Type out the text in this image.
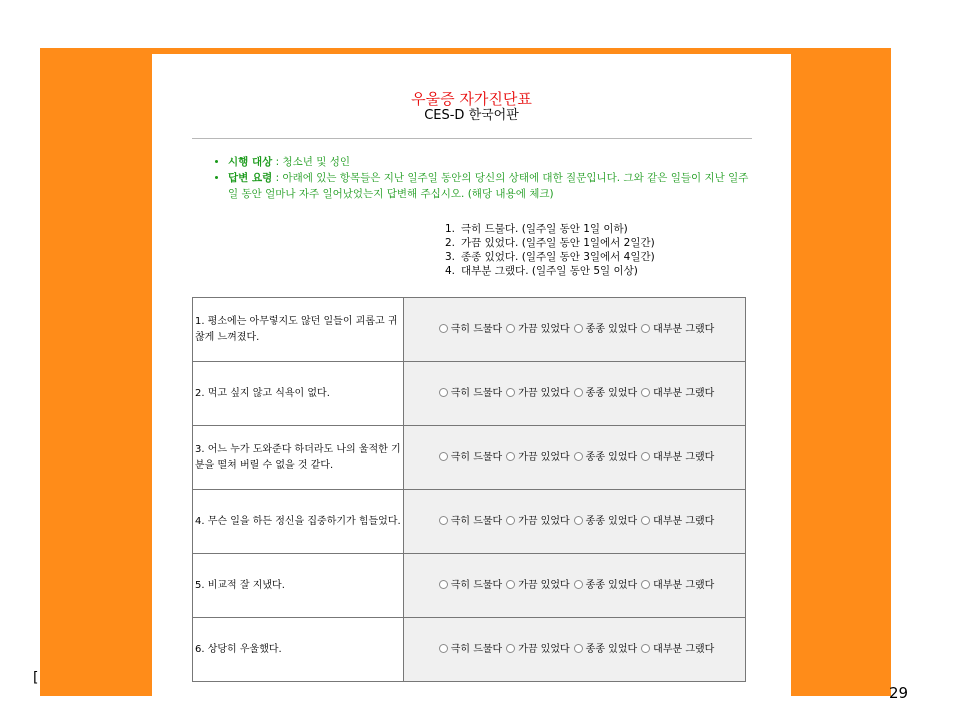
우울증 자가진단표
CES-D 한국어판
• 시행 대상 : 청소년 및 성인
• 답변 요령 : 아래에 있는 항목들은 지난 일주일 동안의 당신의 상태에 대한 질문입니다. 그와 같은 일들이 지난 일주일 동안 얼마나 자주 일어났었는지 답변해 주십시오. (해당 내용에 체크)
1. 극히 드물다. (일주일 동안 1일 이하)
2. 가끔 있었다. (일주일 동안 1일에서 2일간)
3. 종종 있었다. (일주일 동안 3일에서 4일간)
4. 대부분 그랬다. (일주일 동안 5일 이상)
1. 평소에는 아무렇지도 않던 일들이 괴롭고 귀찮게 느껴졌다.	극히 드물다 가끔 있었다 종종 있었다 대부분 그랬다
2. 먹고 싶지 않고 식욕이 없다.	극히 드물다 가끔 있었다 종종 있었다 대부분 그랬다
3. 어느 누가 도와준다 하더라도 나의 울적한 기분을 떨쳐 버릴 수 없을 것 같다.	극히 드물다 가끔 있었다 종종 있었다 대부분 그랬다
4. 무슨 일을 하든 정신을 집중하기가 힘들었다.	극히 드물다 가끔 있었다 종종 있었다 대부분 그랬다
5. 비교적 잘 지냈다.	극히 드물다 가끔 있었다 종종 있었다 대부분 그랬다
6. 상당히 우울했다.	극히 드물다 가끔 있었다 종종 있었다 대부분 그랬다
[
29
